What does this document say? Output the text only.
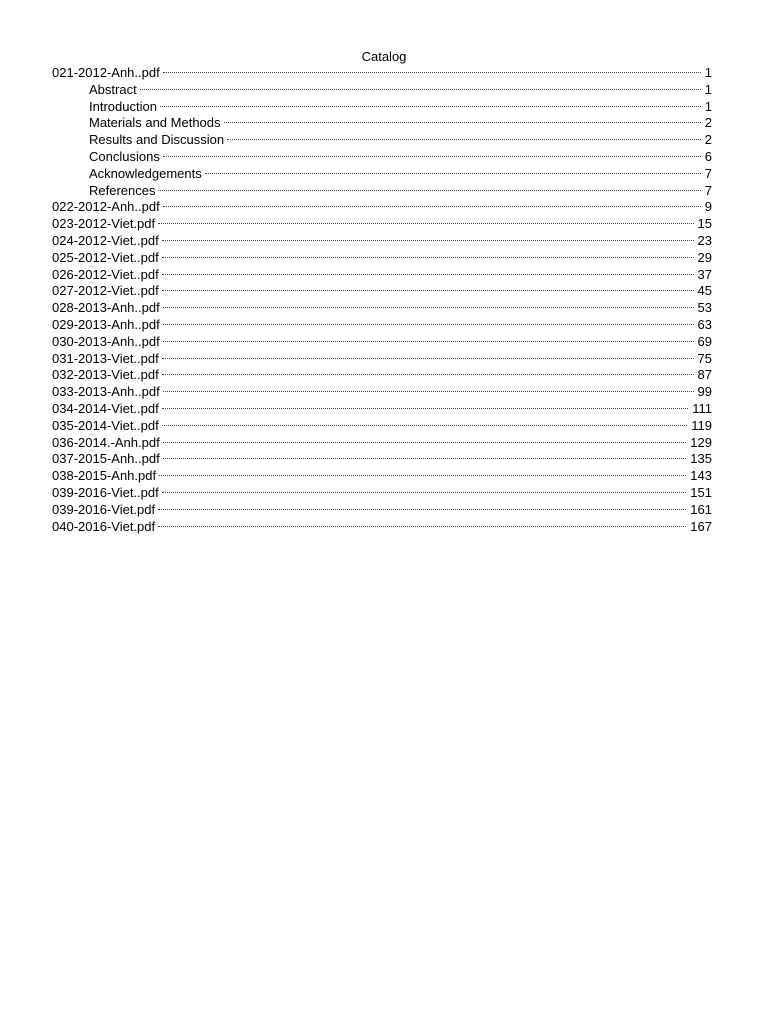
Catalog
021-2012-Anh..pdf	1
Abstract	1
Introduction	1
Materials and Methods	2
Results and Discussion	2
Conclusions	6
Acknowledgements	7
References	7
022-2012-Anh..pdf	9
023-2012-Viet.pdf	15
024-2012-Viet..pdf	23
025-2012-Viet..pdf	29
026-2012-Viet..pdf	37
027-2012-Viet..pdf	45
028-2013-Anh..pdf	53
029-2013-Anh..pdf	63
030-2013-Anh..pdf	69
031-2013-Viet..pdf	75
032-2013-Viet..pdf	87
033-2013-Anh..pdf	99
034-2014-Viet..pdf	111
035-2014-Viet..pdf	119
036-2014.-Anh.pdf	129
037-2015-Anh..pdf	135
038-2015-Anh.pdf	143
039-2016-Viet..pdf	151
039-2016-Viet.pdf	161
040-2016-Viet.pdf	167
